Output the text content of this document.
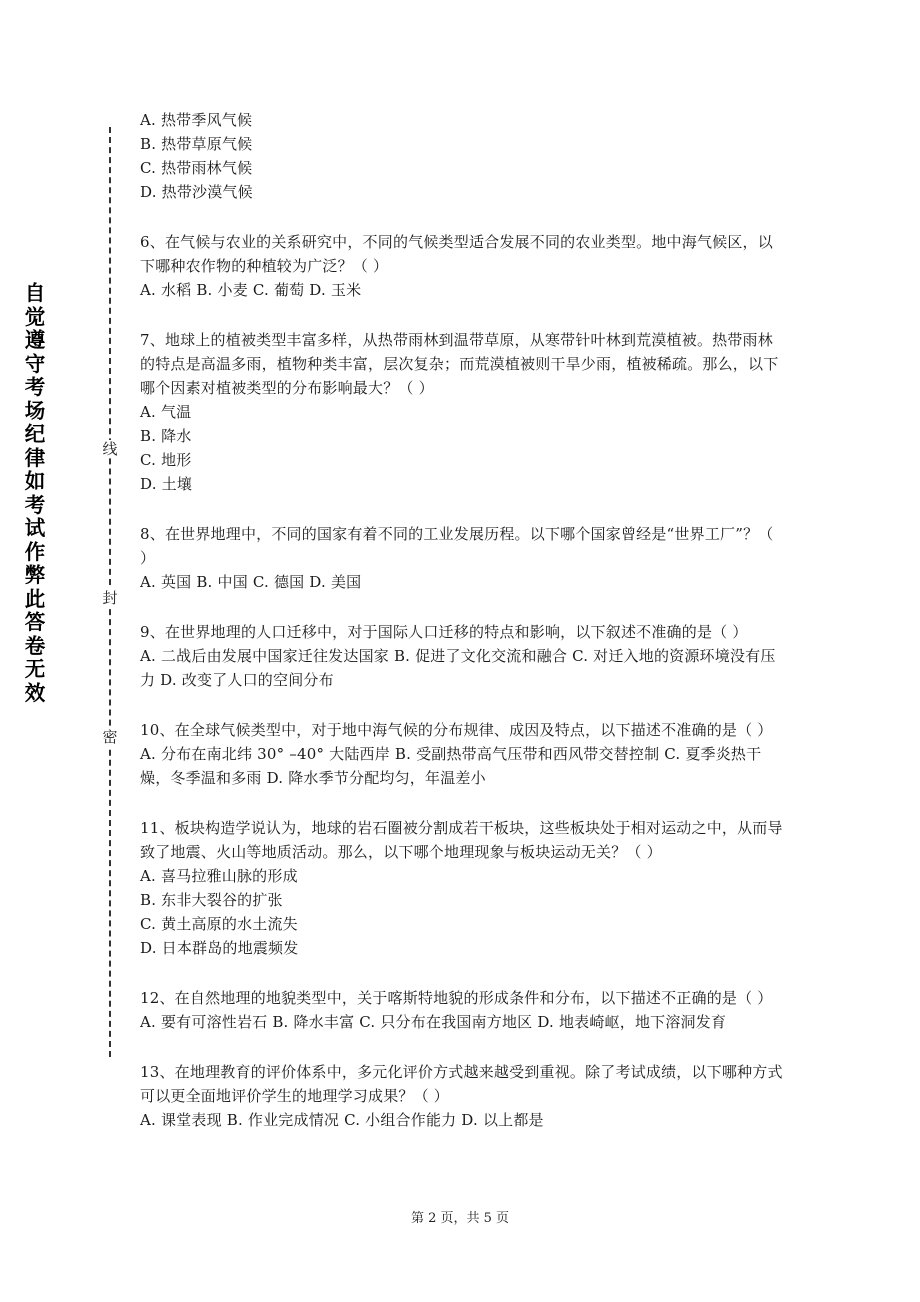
自
觉
遵
守
考
场
纪
律
如
考
试
作
弊
此
答
卷
无
效
线
封
密

A. 热带季风气候

B. 热带草原气候

C. 热带雨林气候

D. 热带沙漠气候

6、在气候与农业的关系研究中，不同的气候类型适合发展不同的农业类型。地中海气候区，以下哪种农作物的种植较为广泛？（ ）

A. 水稻 B. 小麦 C. 葡萄 D. 玉米

7、地球上的植被类型丰富多样，从热带雨林到温带草原，从寒带针叶林到荒漠植被。热带雨林的特点是高温多雨，植物种类丰富，层次复杂；而荒漠植被则干旱少雨，植被稀疏。那么，以下哪个因素对植被类型的分布影响最大？（ ）

A. 气温

B. 降水

C. 地形

D. 土壤

8、在世界地理中，不同的国家有着不同的工业发展历程。以下哪个国家曾经是“世界工厂”？（ ）

A. 英国 B. 中国 C. 德国 D. 美国

9、在世界地理的人口迁移中，对于国际人口迁移的特点和影响，以下叙述不准确的是（ ）

A. 二战后由发展中国家迁往发达国家 B. 促进了文化交流和融合 C. 对迁入地的资源环境没有压力 D. 改变了人口的空间分布

10、在全球气候类型中，对于地中海气候的分布规律、成因及特点，以下描述不准确的是（ ）

A. 分布在南北纬 30° –40° 大陆西岸 B. 受副热带高气压带和西风带交替控制 C. 夏季炎热干燥，冬季温和多雨 D. 降水季节分配均匀，年温差小

11、板块构造学说认为，地球的岩石圈被分割成若干板块，这些板块处于相对运动之中，从而导致了地震、火山等地质活动。那么，以下哪个地理现象与板块运动无关？（ ）

A. 喜马拉雅山脉的形成

B. 东非大裂谷的扩张

C. 黄土高原的水土流失

D. 日本群岛的地震频发

12、在自然地理的地貌类型中，关于喀斯特地貌的形成条件和分布，以下描述不正确的是（ ）

A. 要有可溶性岩石 B. 降水丰富 C. 只分布在我国南方地区 D. 地表崎岖，地下溶洞发育

13、在地理教育的评价体系中，多元化评价方式越来越受到重视。除了考试成绩，以下哪种方式可以更全面地评价学生的地理学习成果？（ ）

A. 课堂表现 B. 作业完成情况 C. 小组合作能力 D. 以上都是

第 2 页，共 5 页
